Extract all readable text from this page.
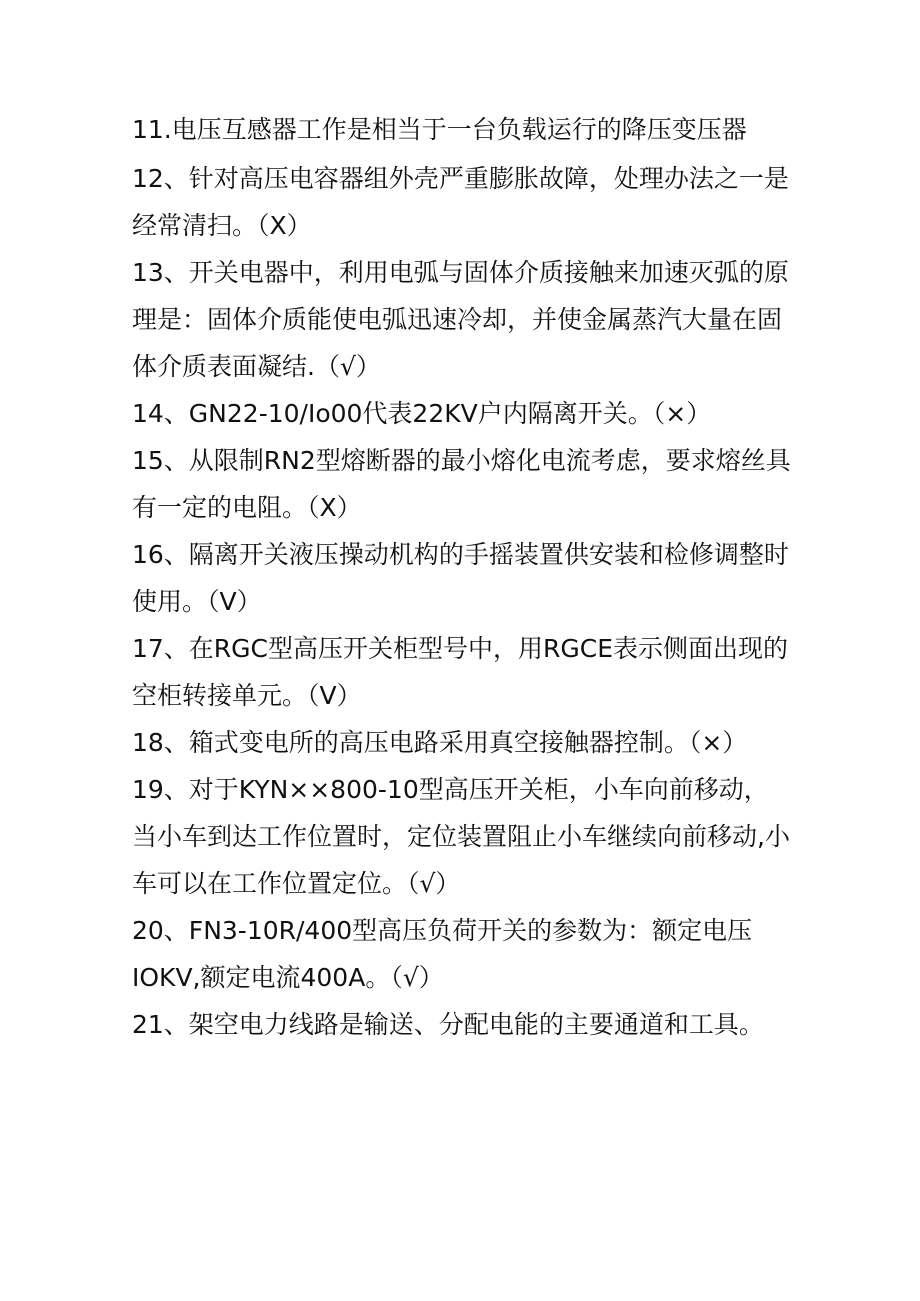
11.电压互感器工作是相当于一台负载运行的降压变压器
12、针对高压电容器组外壳严重膨胀故障，处理办法之一是
经常清扫。（X）
13、开关电器中，利用电弧与固体介质接触来加速灭弧的原
理是：固体介质能使电弧迅速冷却，并使金属蒸汽大量在固
体介质表面凝结.（√）
14、GN22-10/Io00代表22KV户内隔离开关。（×）
15、从限制RN2型熔断器的最小熔化电流考虑，要求熔丝具
有一定的电阻。（X）
16、隔离开关液压操动机构的手摇装置供安装和检修调整时
使用。（V）
17、在RGC型高压开关柜型号中，用RGCE表示侧面出现的
空柜转接单元。（V）
18、箱式变电所的高压电路采用真空接触器控制。（×）
19、对于KYN××800-10型高压开关柜，小车向前移动，
当小车到达工作位置时，定位装置阻止小车继续向前移动,小
车可以在工作位置定位。（√）
20、FN3-10R/400型高压负荷开关的参数为：额定电压
IOKV,额定电流400A。（√）
21、架空电力线路是输送、分配电能的主要通道和工具。
